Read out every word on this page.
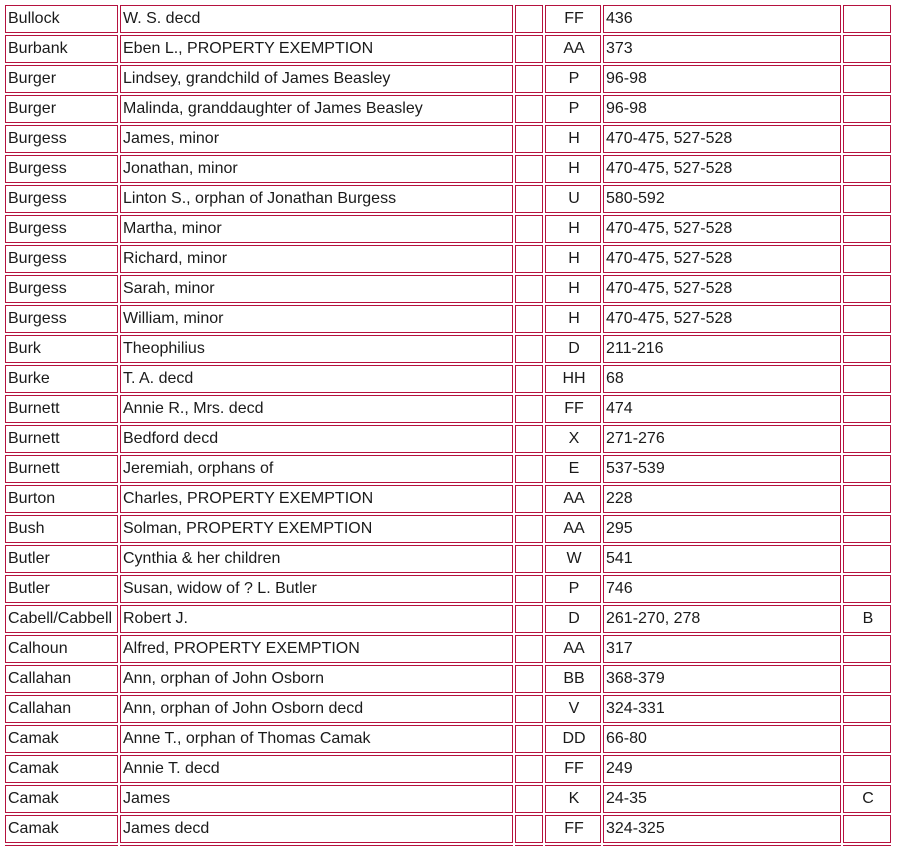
Bullock	W. S. decd		FF	436	
Burbank	Eben L., PROPERTY EXEMPTION		AA	373	
Burger	Lindsey, grandchild of James Beasley		P	96-98	
Burger	Malinda, granddaughter of James Beasley		P	96-98	
Burgess	James, minor		H	470-475, 527-528	
Burgess	Jonathan, minor		H	470-475, 527-528	
Burgess	Linton S., orphan of Jonathan Burgess		U	580-592	
Burgess	Martha, minor		H	470-475, 527-528	
Burgess	Richard, minor		H	470-475, 527-528	
Burgess	Sarah, minor		H	470-475, 527-528	
Burgess	William, minor		H	470-475, 527-528	
Burk	Theophilius		D	211-216	
Burke	T. A. decd		HH	68	
Burnett	Annie R., Mrs. decd		FF	474	
Burnett	Bedford decd		X	271-276	
Burnett	Jeremiah, orphans of		E	537-539	
Burton	Charles, PROPERTY EXEMPTION		AA	228	
Bush	Solman, PROPERTY EXEMPTION		AA	295	
Butler	Cynthia & her children		W	541	
Butler	Susan, widow of ? L. Butler		P	746	
Cabell/Cabbell	Robert J.		D	261-270, 278	B
Calhoun	Alfred, PROPERTY EXEMPTION		AA	317	
Callahan	Ann, orphan of John Osborn		BB	368-379	
Callahan	Ann, orphan of John Osborn decd		V	324-331	
Camak	Anne T., orphan of Thomas Camak		DD	66-80	
Camak	Annie T. decd		FF	249	
Camak	James		K	24-35	C
Camak	James decd		FF	324-325	
